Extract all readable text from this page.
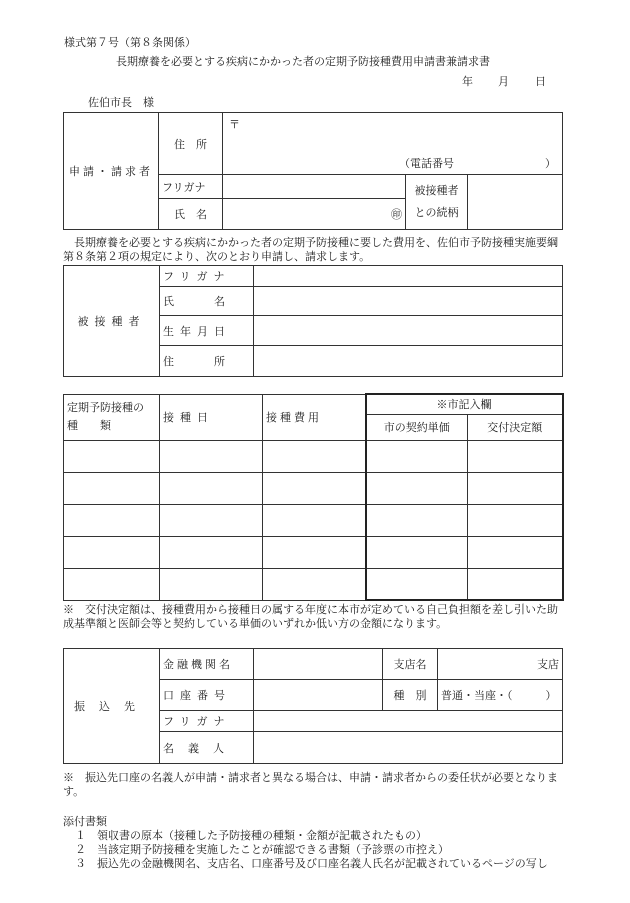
様式第７号（第８条関係）
長期療養を必要とする疾病にかかった者の定期予防接種費用申請書兼請求書
年 月 日
佐伯市長　様
申請・請求者	住　所	〒
（電話番号 ）		

	フリガナ		被接種者
との続柄	

	氏　名	㊞		
長期療養を必要とする疾病にかかった者の定期予防接種に要した費用を、佐伯市予防接種実施要綱第８条第２項の規定により、次のとおり申請し、請求します。
被接種者	フリガナ	
	氏名	
	生年月日	
	住所	
定期予防接種の
種　　類	接種日	接種費用	※市記入欄	
			市の契約単価	交付決定額

※　交付決定額は、接種費用から接種日の属する年度に本市が定めている自己負担額を差し引いた助成基準額と医師会等と契約している単価のいずれか低い方の金額になります。
振込先	金融機関名		支店名	支店
	口座番号		種　別	普通・当座・（　　　）
	フリガナ			
	名義人			
※　振込先口座の名義人が申請・請求者と異なる場合は、申請・請求者からの委任状が必要となります。
添付書類
１　領収書の原本（接種した予防接種の種類・金額が記載されたもの）
２　当該定期予防接種を実施したことが確認できる書類（予診票の市控え）
３　振込先の金融機関名、支店名、口座番号及び口座名義人氏名が記載されているページの写し
